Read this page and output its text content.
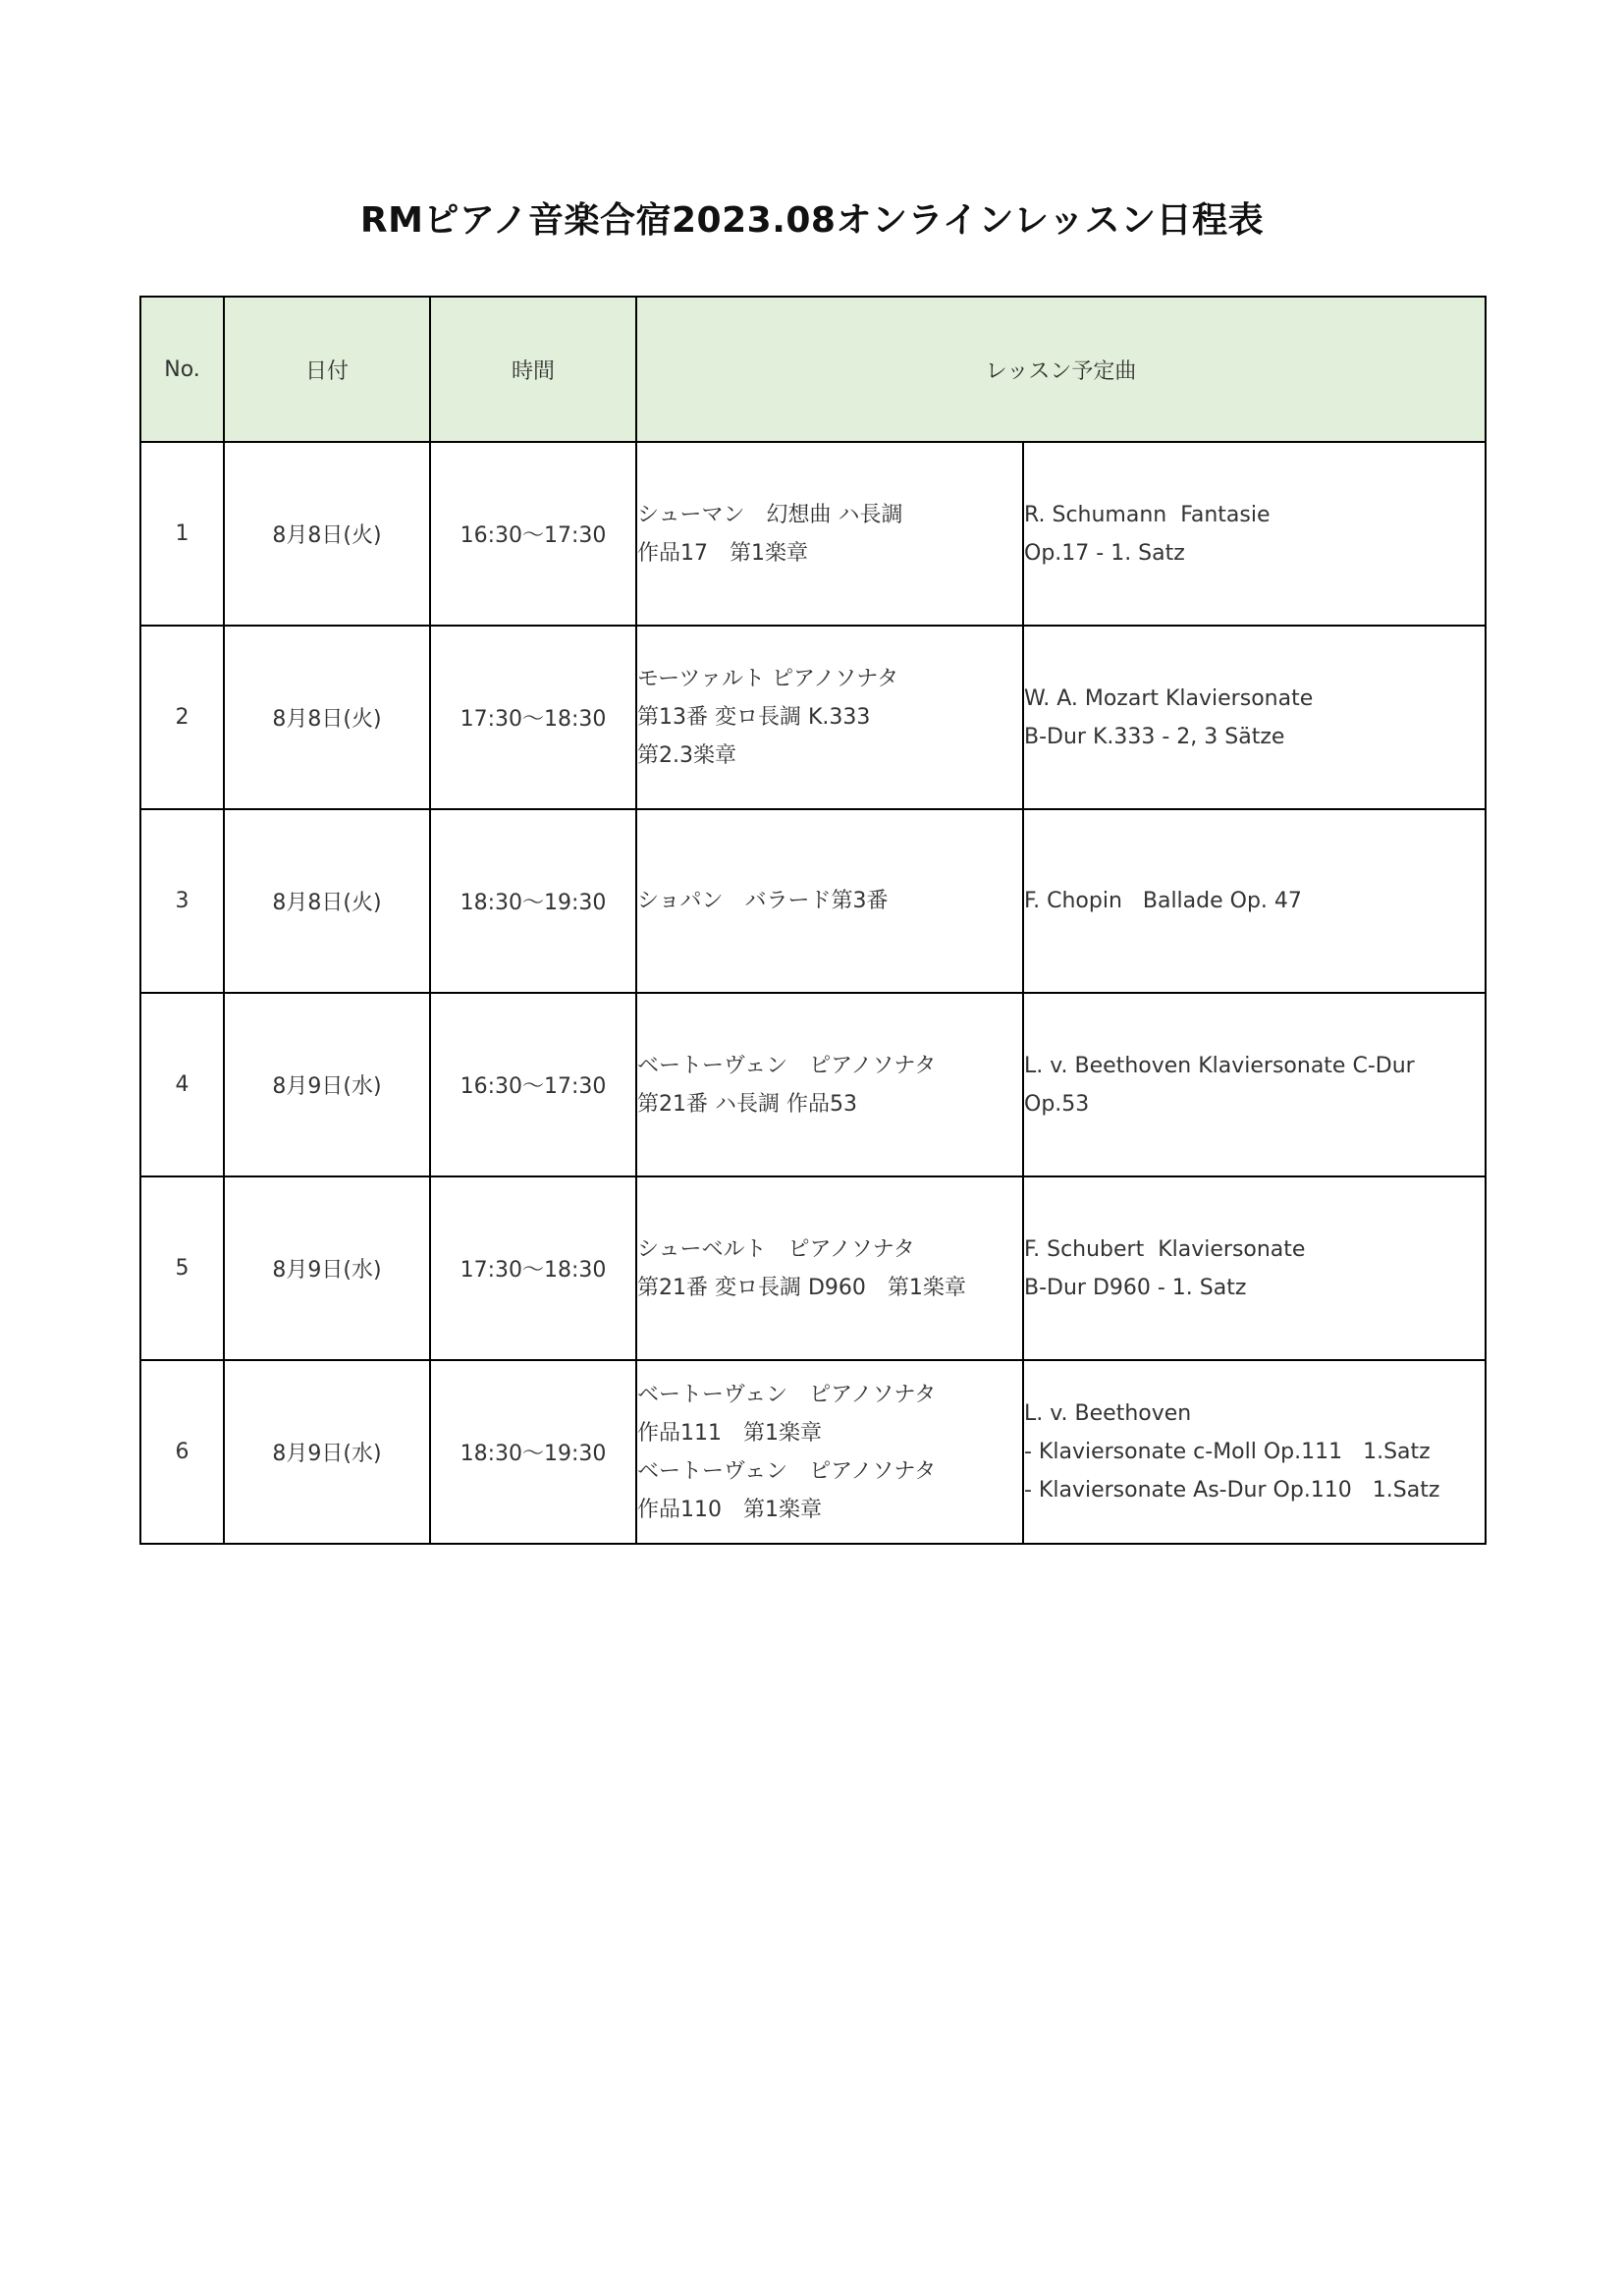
RMピアノ音楽合宿2023.08オンラインレッスン日程表
No.	日付	時間	レッスン予定曲	
1	8月8日(火)	16:30～17:30	シューマン　幻想曲 ハ長調
作品17　第1楽章	R. Schumann  Fantasie
Op.17 - 1. Satz

2	8月8日(火)	17:30～18:30	モーツァルト ピアノソナタ
第13番 変ロ長調 K.333
第2.3楽章	W. A. Mozart Klaviersonate
B-Dur K.333 - 2, 3 Sätze

3	8月8日(火)	18:30～19:30	ショパン　バラード第3番	F. Chopin   Ballade Op. 47

4	8月9日(水)	16:30～17:30	ベートーヴェン　ピアノソナタ
第21番 ハ長調 作品53	L. v. Beethoven Klaviersonate C-Dur
Op.53

5	8月9日(水)	17:30～18:30	シューベルト　ピアノソナタ
第21番 変ロ長調 D960　第1楽章	F. Schubert  Klaviersonate
B-Dur D960 - 1. Satz

6	8月9日(水)	18:30～19:30	ベートーヴェン　ピアノソナタ
作品111　第1楽章
ベートーヴェン　ピアノソナタ
作品110　第1楽章	L. v. Beethoven
- Klaviersonate c-Moll Op.111   1.Satz
- Klaviersonate As-Dur Op.110   1.Satz
